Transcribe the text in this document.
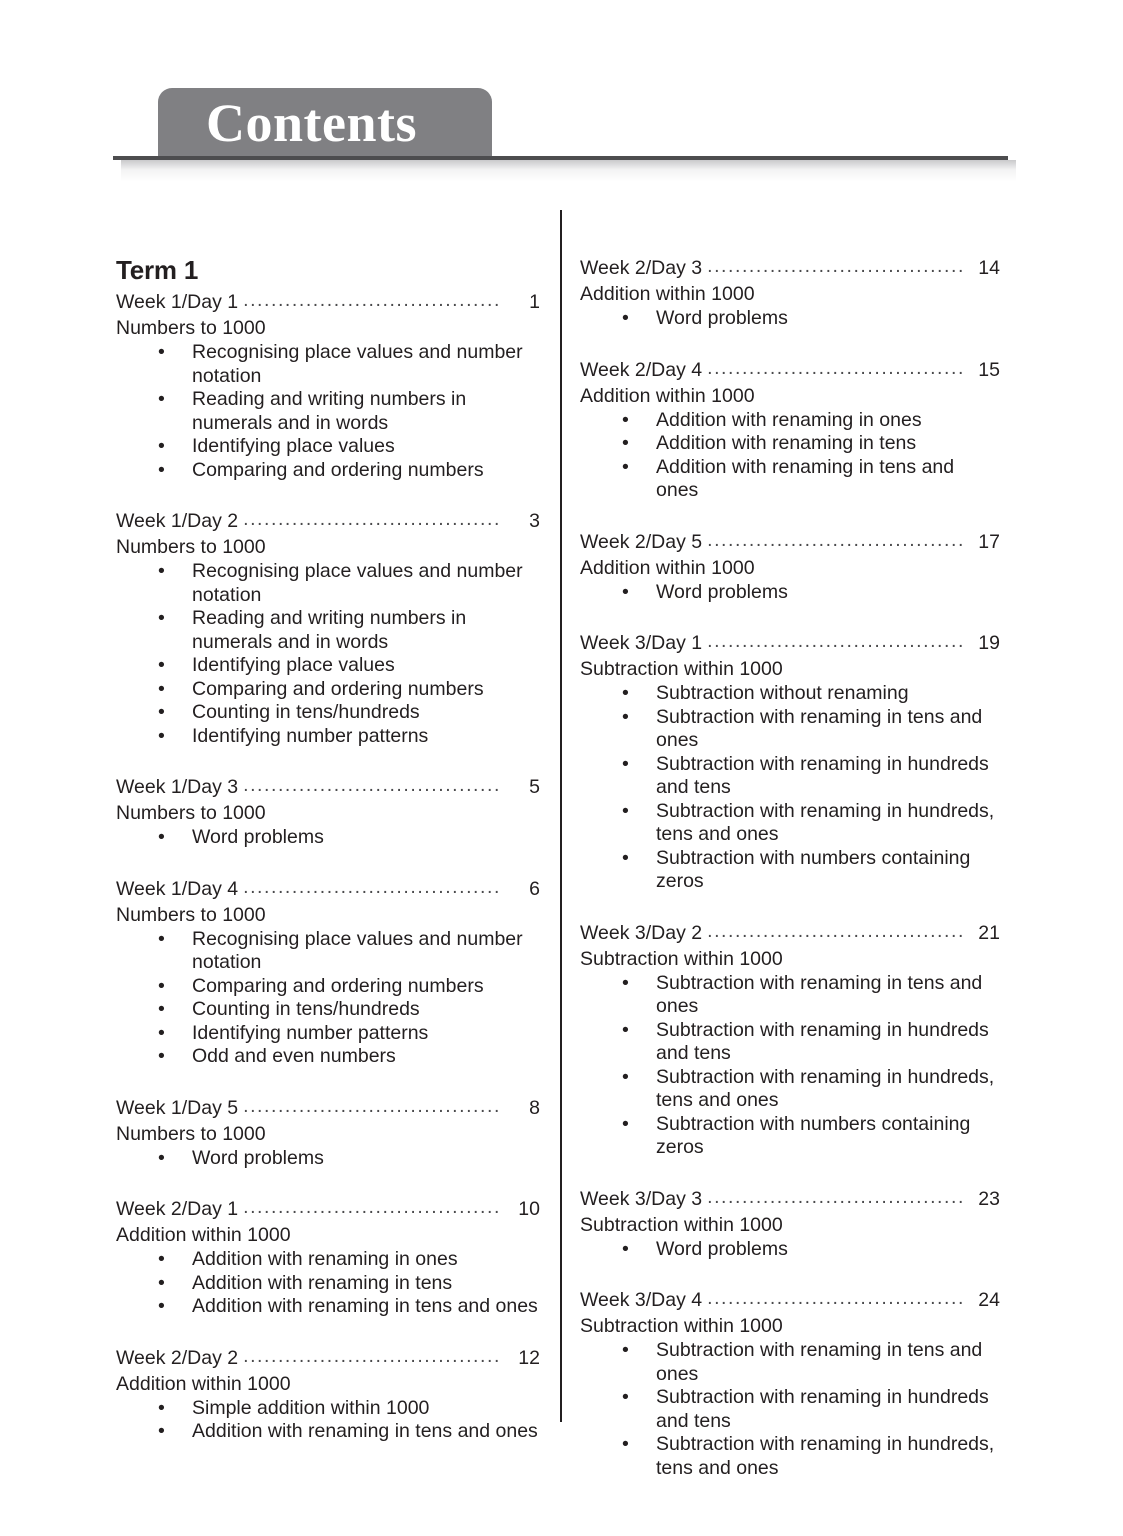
Contents
Term 1
Week 1/Day 1 .....	1
Numbers to 1000
• Recognising place values and number notation
• Reading and writing numbers in numerals and in words
• Identifying place values
• Comparing and ordering numbers
Week 1/Day 2 .....	3
Numbers to 1000
• Recognising place values and number notation
• Reading and writing numbers in numerals and in words
• Identifying place values
• Comparing and ordering numbers
• Counting in tens/hundreds
• Identifying number patterns
Week 1/Day 3 .....	5
Numbers to 1000
• Word problems
Week 1/Day 4 .....	6
Numbers to 1000
• Recognising place values and number notation
• Comparing and ordering numbers
• Counting in tens/hundreds
• Identifying number patterns
• Odd and even numbers
Week 1/Day 5 .....	8
Numbers to 1000
• Word problems
Week 2/Day 1 .....	10
Addition within 1000
• Addition with renaming in ones
• Addition with renaming in tens
• Addition with renaming in tens and ones
Week 2/Day 2 .....	12
Addition within 1000
• Simple addition within 1000
• Addition with renaming in tens and ones
Week 2/Day 3 .....	14
Addition within 1000
• Word problems
Week 2/Day 4 .....	15
Addition within 1000
• Addition with renaming in ones
• Addition with renaming in tens
• Addition with renaming in tens and ones
Week 2/Day 5 .....	17
Addition within 1000
• Word problems
Week 3/Day 1 .....	19
Subtraction within 1000
• Subtraction without renaming
• Subtraction with renaming in tens and ones
• Subtraction with renaming in hundreds and tens
• Subtraction with renaming in hundreds, tens and ones
• Subtraction with numbers containing zeros
Week 3/Day 2 .....	21
Subtraction within 1000
• Subtraction with renaming in tens and ones
• Subtraction with renaming in hundreds and tens
• Subtraction with renaming in hundreds, tens and ones
• Subtraction with numbers containing zeros
Week 3/Day 3 .....	23
Subtraction within 1000
• Word problems
Week 3/Day 4 .....	24
Subtraction within 1000
• Subtraction with renaming in tens and ones
• Subtraction with renaming in hundreds and tens
• Subtraction with renaming in hundreds, tens and ones
